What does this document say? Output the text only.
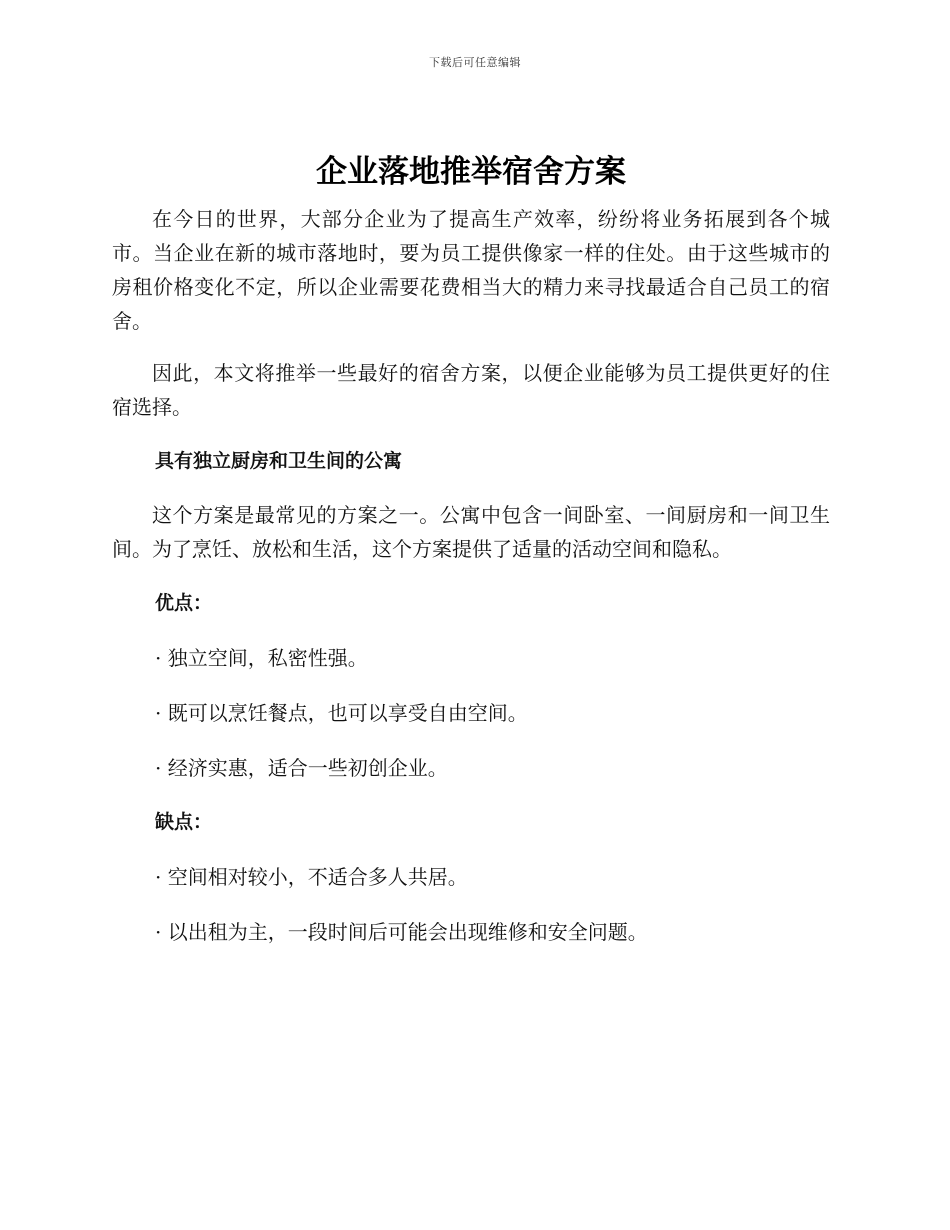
下载后可任意编辑
企业落地推举宿舍方案

在今日的世界，大部分企业为了提高生产效率，纷纷将业务拓展到各个城市。当企业在新的城市落地时，要为员工提供像家一样的住处。由于这些城市的房租价格变化不定，所以企业需要花费相当大的精力来寻找最适合自己员工的宿舍。

因此，本文将推举一些最好的宿舍方案，以便企业能够为员工提供更好的住宿选择。

具有独立厨房和卫生间的公寓

这个方案是最常见的方案之一。公寓中包含一间卧室、一间厨房和一间卫生间。为了烹饪、放松和生活，这个方案提供了适量的活动空间和隐私。

优点：

· 独立空间，私密性强。

· 既可以烹饪餐点，也可以享受自由空间。

· 经济实惠，适合一些初创企业。

缺点：

· 空间相对较小，不适合多人共居。

· 以出租为主，一段时间后可能会出现维修和安全问题。
